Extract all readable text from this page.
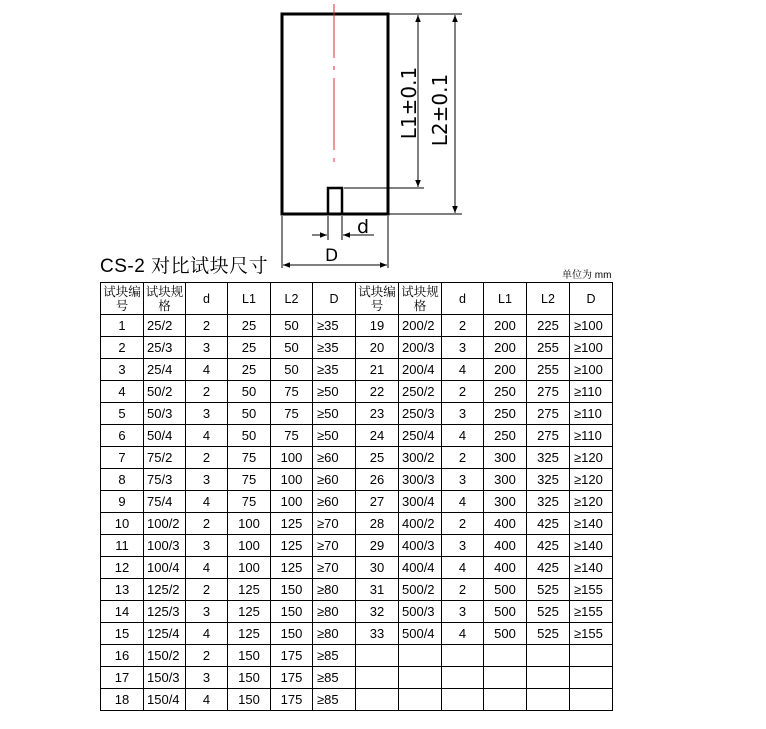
L1±0.1 L2±0.1
d
D
CS-2 对比试块尺寸	单位为 mm
试块编号	试块规格	d	L1	L2	D	试块编号	试块规格	d	L1	L2	D
1	25/2	2	25	50	≥35	19	200/2	2	200	225	≥100
2	25/3	3	25	50	≥35	20	200/3	3	200	255	≥100
3	25/4	4	25	50	≥35	21	200/4	4	200	255	≥100
4	50/2	2	50	75	≥50	22	250/2	2	250	275	≥110
5	50/3	3	50	75	≥50	23	250/3	3	250	275	≥110
6	50/4	4	50	75	≥50	24	250/4	4	250	275	≥110
7	75/2	2	75	100	≥60	25	300/2	2	300	325	≥120
8	75/3	3	75	100	≥60	26	300/3	3	300	325	≥120
9	75/4	4	75	100	≥60	27	300/4	4	300	325	≥120
10	100/2	2	100	125	≥70	28	400/2	2	400	425	≥140
11	100/3	3	100	125	≥70	29	400/3	3	400	425	≥140
12	100/4	4	100	125	≥70	30	400/4	4	400	425	≥140
13	125/2	2	125	150	≥80	31	500/2	2	500	525	≥155
14	125/3	3	125	150	≥80	32	500/3	3	500	525	≥155
15	125/4	4	125	150	≥80	33	500/4	4	500	525	≥155
16	150/2	2	150	175	≥85						
17	150/3	3	150	175	≥85						
18	150/4	4	150	175	≥85						
